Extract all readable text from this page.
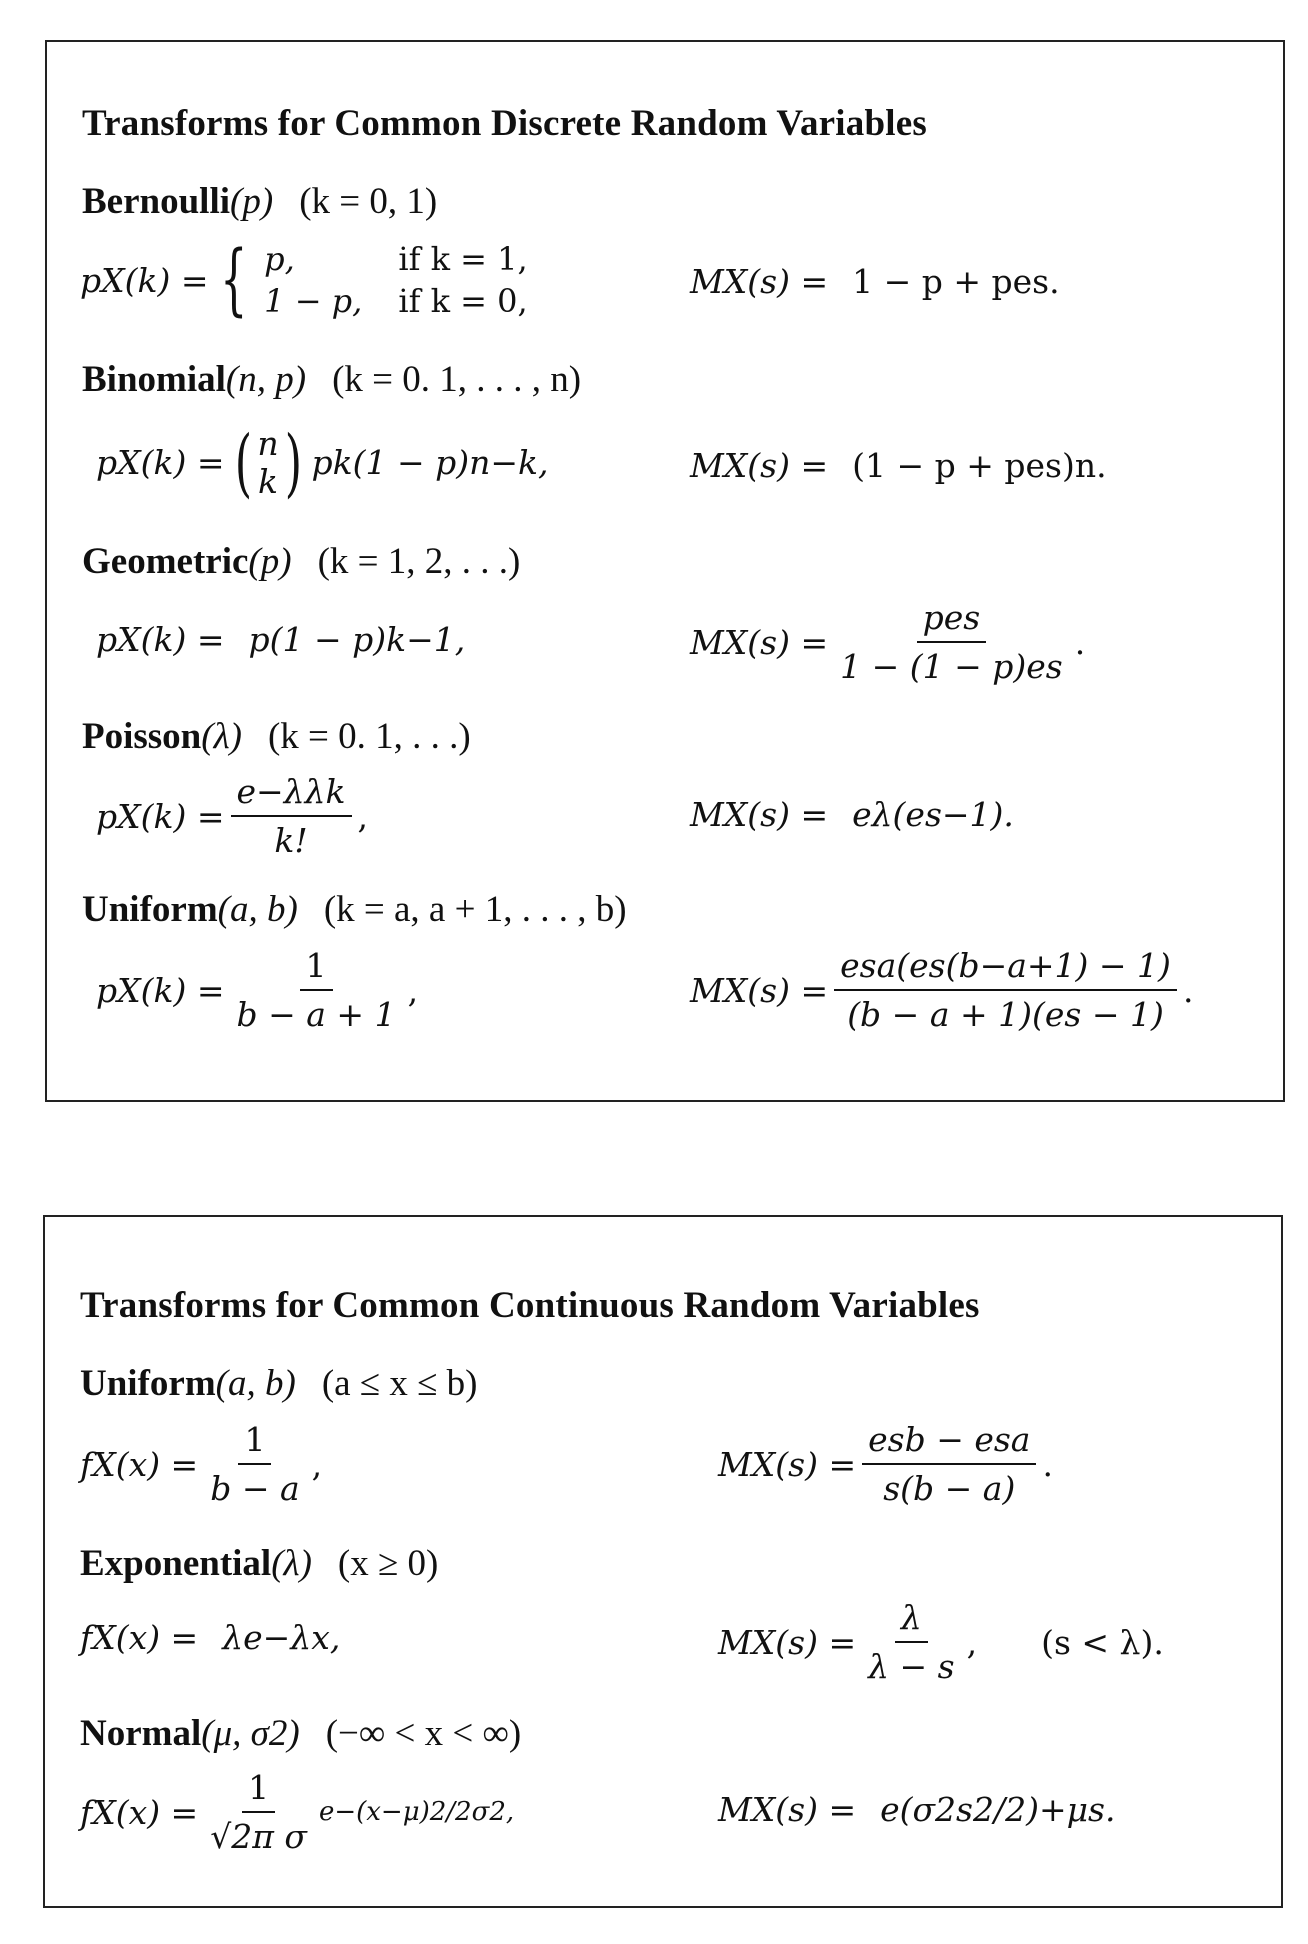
Transforms for Common Discrete Random Variables
Bernoulli(p) (k = 0, 1)
pX(k) = { p,	if k = 1,
1 − p, if k = 0,	MX(s) = 1 − p + pes.
Binomial(n, p) (k = 0. 1, . . . , n)
pX(k) = ( n
k ) pk(1 − p)n−k,	MX(s) = (1 − p + pes)n.
Geometric(p) (k = 1, 2, . . .)
pX(k) = p(1 − p)k−1,	$MX(s) = \frac{\text{pes}}{1 - (1 - p)es}$ .
Poisson(λ) (k = 0. 1, . . .)
$pX(k) = \frac{\text{e−λλk}}{k!}$ ,	MX(s) = eλ(es−1).
Uniform(a, b) (k = a, a + 1, . . . , b)
$pX(k) = \frac{1}{b - a + 1}$ ,	$MX(s) = \frac{\text{esa(es(b−a+1) − 1)}}{(b - a + 1)(es - 1)}$ .
Transforms for Common Continuous Random Variables
Uniform(a, b) (a ≤ x ≤ b)
$fX(x) = \frac{1}{b - a}$ ,	$MX(s) = \frac{\text{esb − esa}}{s(b - a)}$ .
Exponential(λ) (x ≥ 0)
fX(x) = λe−λx,	$MX(s) = \frac{\lambda}{\lambda - s}$ , (s < λ).
Normal(μ, σ2) (−∞ < x < ∞)
$fX(x) = \frac{1}{\text{√2π σ}} e-(x-\mu)2/2\sigma 2$,	MX(s) = e(σ2s2/2)+μs.
